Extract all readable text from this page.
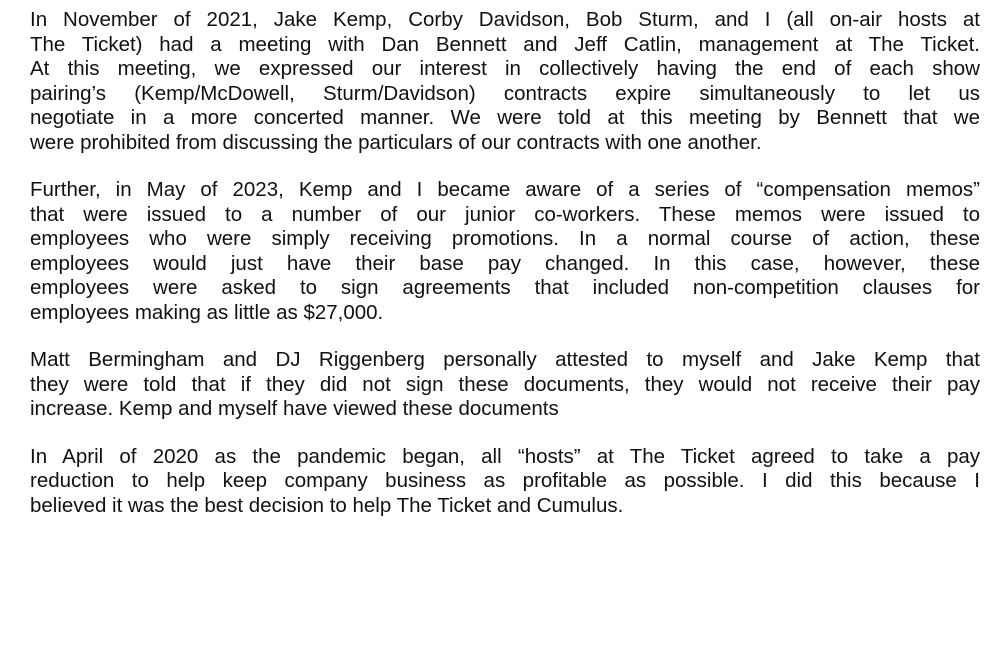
In November of 2021, Jake Kemp, Corby Davidson, Bob Sturm, and I (all on-air hosts at
The Ticket) had a meeting with Dan Bennett and Jeff Catlin, management at The Ticket.
At this meeting, we expressed our interest in collectively having the end of each show
pairing’s (Kemp/McDowell, Sturm/Davidson) contracts expire simultaneously to let us
negotiate in a more concerted manner. We were told at this meeting by Bennett that we
were prohibited from discussing the particulars of our contracts with one another.

Further, in May of 2023, Kemp and I became aware of a series of “compensation memos”
that were issued to a number of our junior co-workers. These memos were issued to
employees who were simply receiving promotions. In a normal course of action, these
employees would just have their base pay changed. In this case, however, these
employees were asked to sign agreements that included non-competition clauses for
employees making as little as $27,000.

Matt Bermingham and DJ Riggenberg personally attested to myself and Jake Kemp that
they were told that if they did not sign these documents, they would not receive their pay
increase. Kemp and myself have viewed these documents

In April of 2020 as the pandemic began, all “hosts” at The Ticket agreed to take a pay
reduction to help keep company business as profitable as possible. I did this because I
believed it was the best decision to help The Ticket and Cumulus.
